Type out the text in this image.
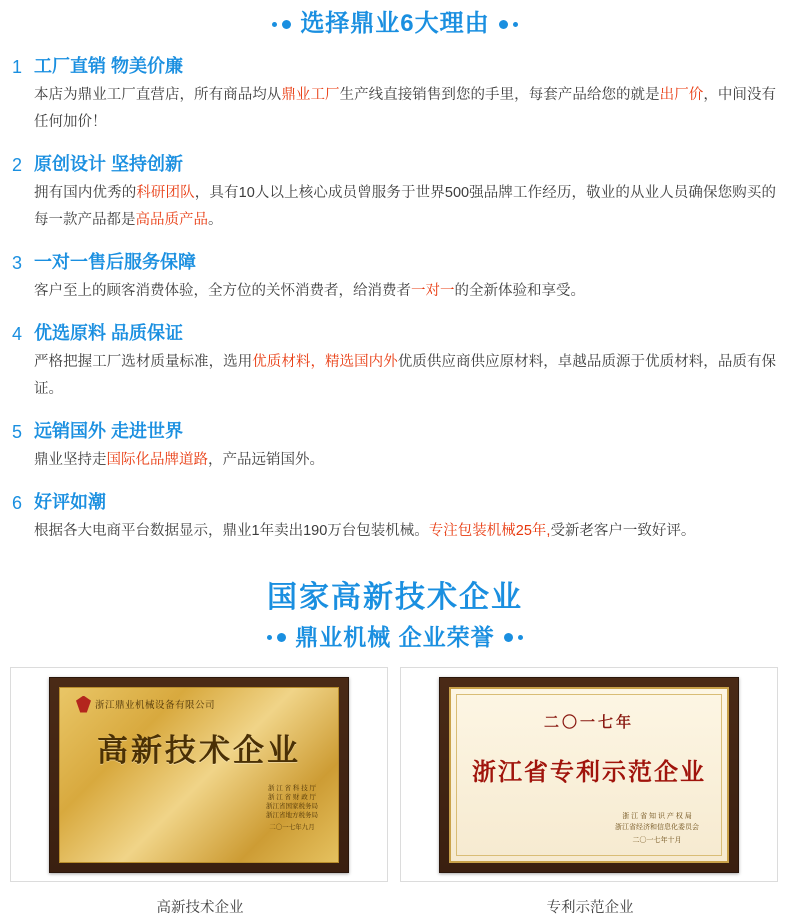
选择鼎业6大理由
1 工厂直销 物美价廉
本店为鼎业工厂直营店，所有商品均从鼎业工厂生产线直接销售到您的手里，每套产品给您的就是出厂价，中间没有任何加价！
2 原创设计 坚持创新
拥有国内优秀的科研团队，具有10人以上核心成员曾服务于世界500强品牌工作经历，敬业的从业人员确保您购买的每一款产品都是高品质产品。
3 一对一售后服务保障
客户至上的顾客消费体验，全方位的关怀消费者，给消费者一对一的全新体验和享受。
4 优选原料 品质保证
严格把握工厂选材质量标准，选用优质材料，精选国内外优质供应商供应原材料，卓越品质源于优质材料，品质有保证。
5 远销国外 走进世界
鼎业坚持走国际化品牌道路，产品远销国外。
6 好评如潮
根据各大电商平台数据显示，鼎业1年卖出190万台包装机械。专注包装机械25年,受新老客户一致好评。
国家高新技术企业
鼎业机械 企业荣誉
浙江鼎业机械设备有限公司
高新技术企业
浙 江 省 科 技 厅
浙 江 省 财 政 厅
浙江省国家税务局
浙江省地方税务局
二〇一七年九月
高新技术企业
二〇一七年
浙江省专利示范企业
浙 江 省 知 识 产 权 局
浙江省经济和信息化委员会
二〇一七年十月
专利示范企业
